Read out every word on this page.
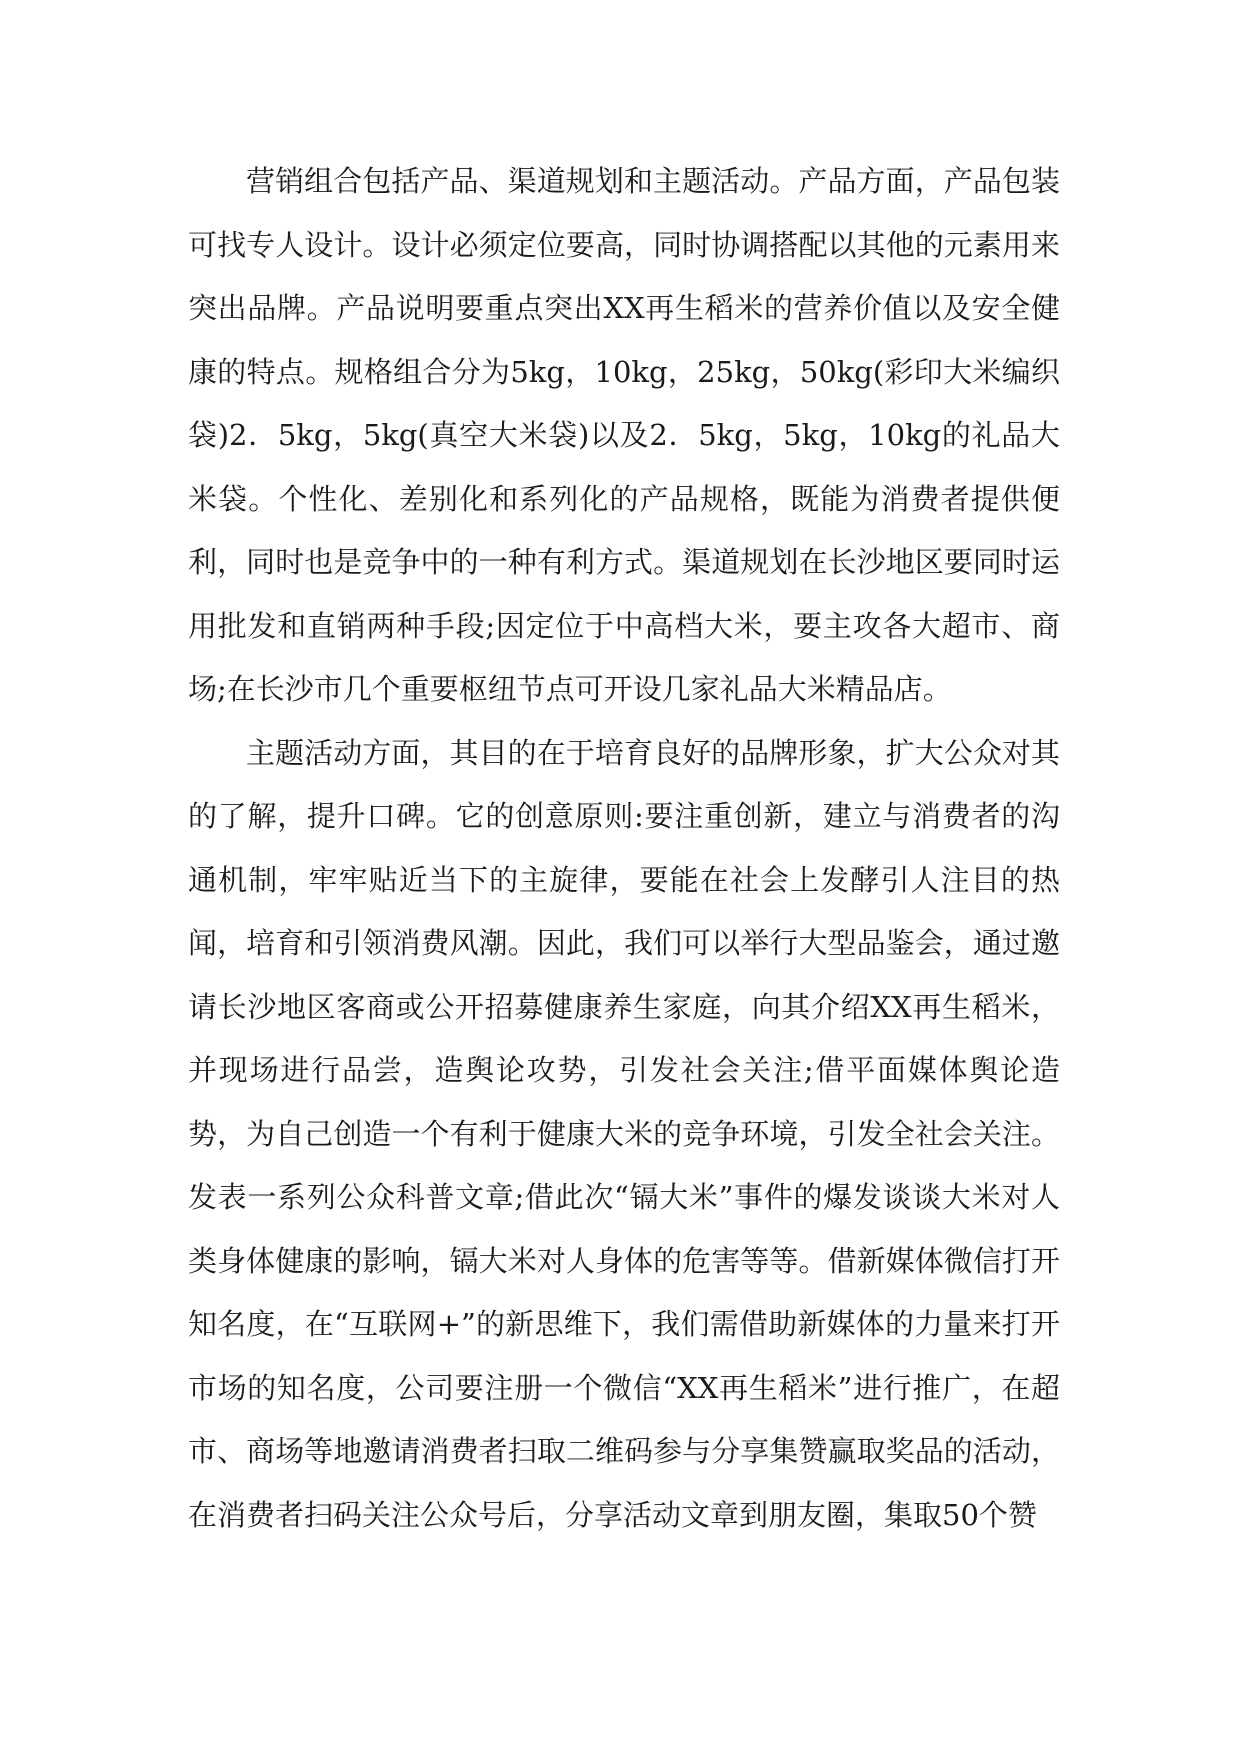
营销组合包括产品、渠道规划和主题活动。产品方面，产品包装可找专人设计。设计必须定位要高，同时协调搭配以其他的元素用来突出品牌。产品说明要重点突出XX再生稻米的营养价值以及安全健康的特点。规格组合分为5kg，10kg，25kg，50kg(彩印大米编织袋)2．5kg，5kg(真空大米袋)以及2．5kg，5kg，10kg的礼品大米袋。个性化、差别化和系列化的产品规格，既能为消费者提供便利，同时也是竞争中的一种有利方式。渠道规划在长沙地区要同时运用批发和直销两种手段;因定位于中高档大米，要主攻各大超市、商场;在长沙市几个重要枢纽节点可开设几家礼品大米精品店。

主题活动方面，其目的在于培育良好的品牌形象，扩大公众对其的了解，提升口碑。它的创意原则:要注重创新，建立与消费者的沟通机制，牢牢贴近当下的主旋律，要能在社会上发酵引人注目的热闻，培育和引领消费风潮。因此，我们可以举行大型品鉴会，通过邀请长沙地区客商或公开招募健康养生家庭，向其介绍XX再生稻米，并现场进行品尝，造舆论攻势，引发社会关注;借平面媒体舆论造势，为自己创造一个有利于健康大米的竞争环境，引发全社会关注。发表一系列公众科普文章;借此次“镉大米”事件的爆发谈谈大米对人类身体健康的影响，镉大米对人身体的危害等等。借新媒体微信打开知名度，在“互联网+”的新思维下，我们需借助新媒体的力量来打开市场的知名度，公司要注册一个微信“XX再生稻米”进行推广，在超市、商场等地邀请消费者扫取二维码参与分享集赞赢取奖品的活动，在消费者扫码关注公众号后，分享活动文章到朋友圈，集取50个赞
